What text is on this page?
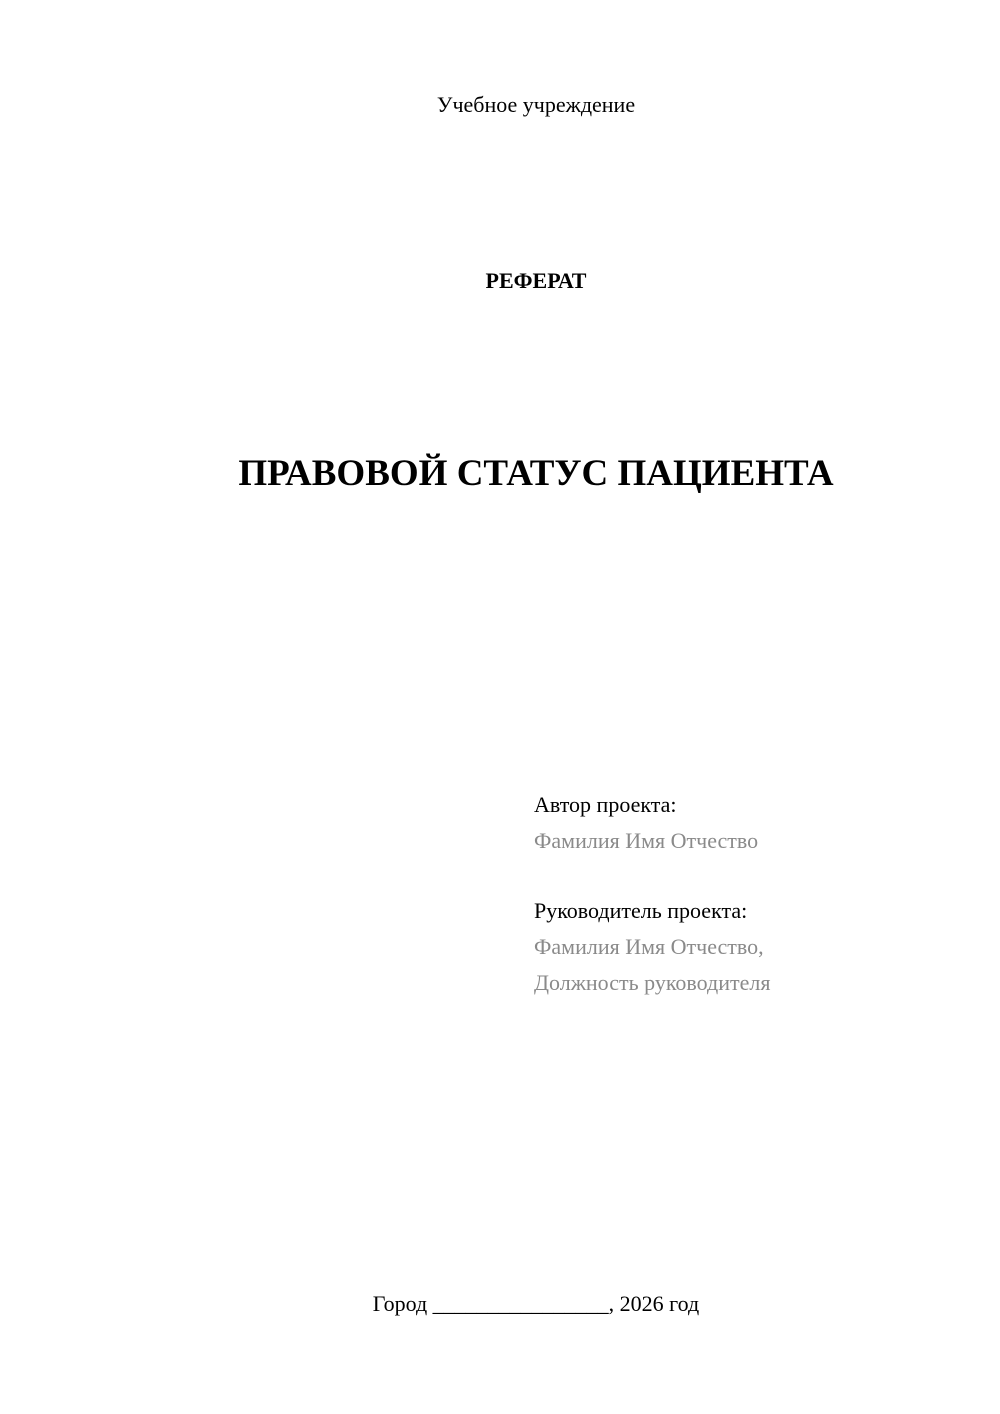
Учебное учреждение
РЕФЕРАТ
ПРАВОВОЙ СТАТУС ПАЦИЕНТА
Автор проекта:
Фамилия Имя Отчество
Руководитель проекта:
Фамилия Имя Отчество,
Должность руководителя
Город ________________, 2026 год
